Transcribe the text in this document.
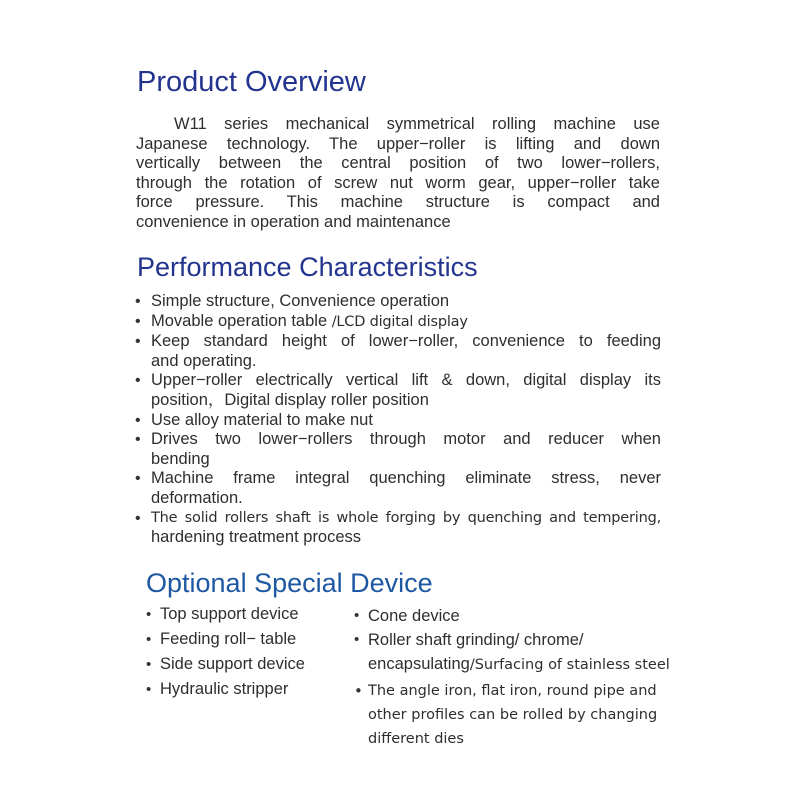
Product Overview

W11 series mechanical symmetrical rolling machine use
Japanese technology. The upper−roller is lifting and down
vertically between the central position of two lower−rollers,
through the rotation of screw nut worm gear, upper−roller take
force pressure. This machine structure is compact and
convenience in operation and maintenance

Performance Characteristics
• Simple structure, Convenience operation
• Movable operation table /LCD digital display
• Keep standard height of lower−roller, convenience to feeding
and operating.
• Upper−roller electrically vertical lift & down, digital display its
position，Digital display roller position
• Use alloy material to make nut
• Drives two lower−rollers through motor and reducer when
bending
• Machine frame integral quenching eliminate stress, never
deformation.
• The solid rollers shaft is whole forging by quenching and tempering,
hardening treatment process
Optional Special Device
• Top support device
• Feeding roll− table
• Side support device
• Hydraulic stripper
• Cone device
• Roller shaft grinding/ chrome/
encapsulating/Surfacing of stainless steel
• The angle iron, flat iron, round pipe and
other profiles can be rolled by changing
different dies
